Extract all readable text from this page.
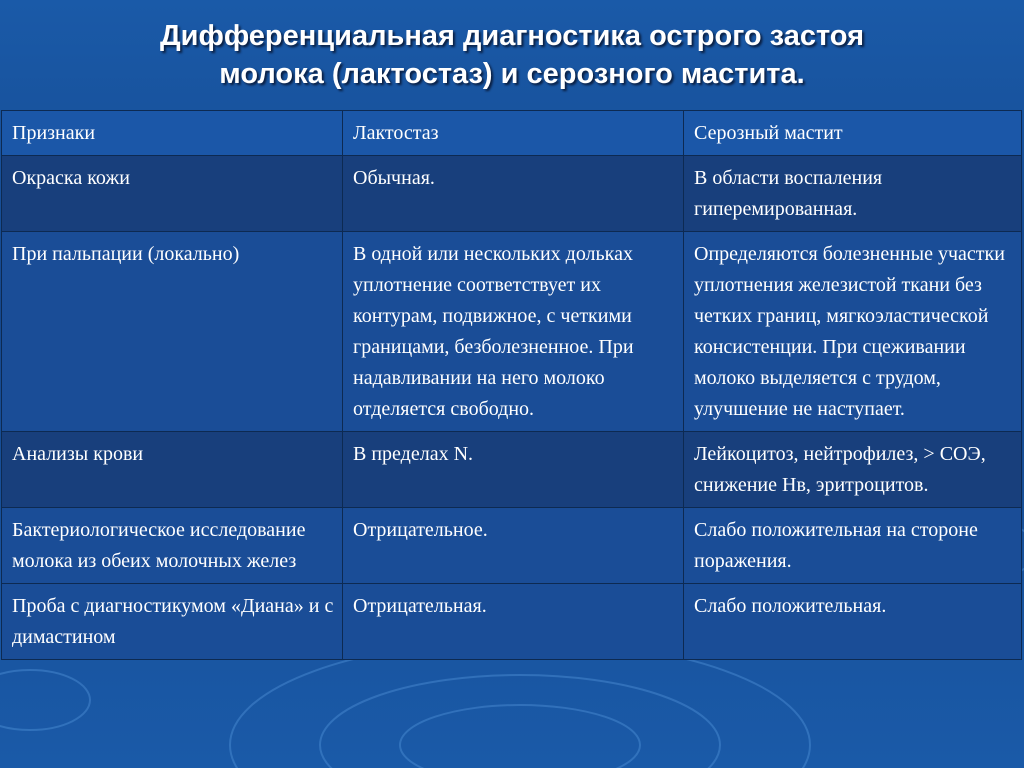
Дифференциальная диагностика острого застоя
молока (лактостаз) и серозного мастита.
Признаки	Лактостаз	Серозный мастит
Окраска кожи	Обычная.	В области воспаления гиперемированная.
При пальпации (локально)	В одной или нескольких дольках уплотнение соответствует их контурам, подвижное, с четкими границами, безболезненное. При надавливании на него молоко отделяется свободно.	Определяются болезненные участки уплотнения железистой ткани без четких границ, мягкоэластической консистенции. При сцеживании молоко выделяется с трудом, улучшение не наступает.
Анализы крови	В пределах N.	Лейкоцитоз, нейтрофилез, > СОЭ, снижение Нв, эритроцитов.
Бактериологическое исследование молока из обеих молочных желез	Отрицательное.	Слабо положительная на стороне поражения.
Проба с диагностикумом «Диана» и с димастином	Отрицательная.	Слабо положительная.
